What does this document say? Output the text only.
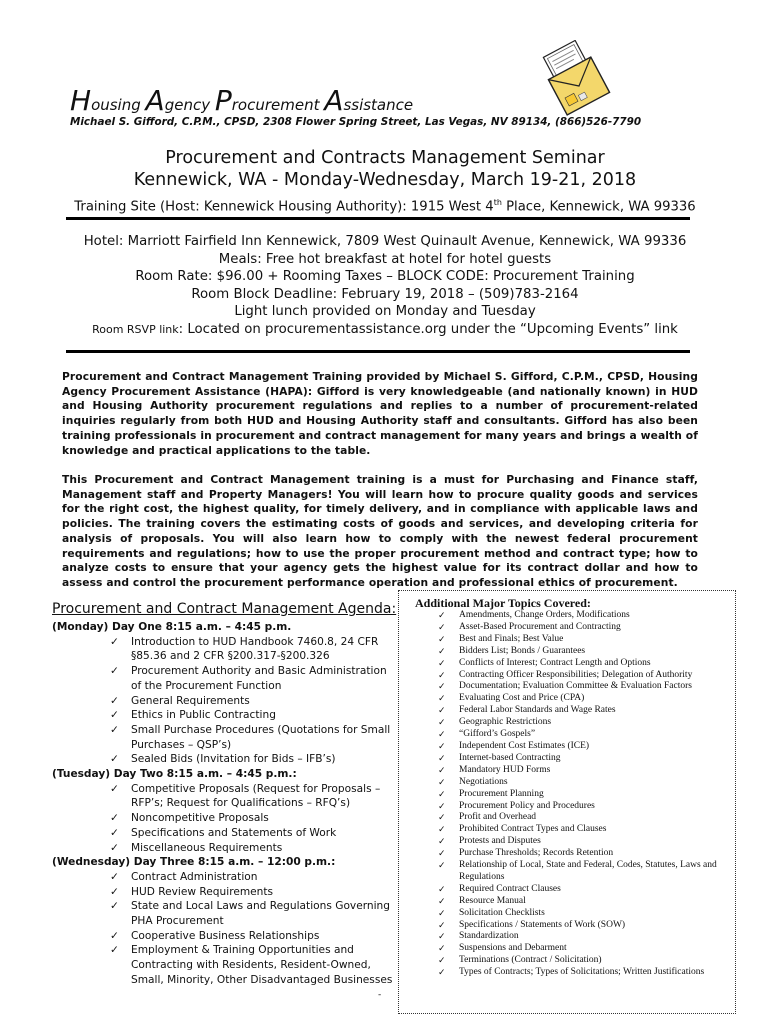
Housing Agency Procurement Assistance
Michael S. Gifford, C.P.M., CPSD, 2308 Flower Spring Street, Las Vegas, NV 89134, (866)526-7790
Procurement and Contracts Management Seminar
Kennewick, WA - Monday-Wednesday, March 19-21, 2018
Training Site (Host: Kennewick Housing Authority): 1915 West 4th Place, Kennewick, WA 99336
Hotel: Marriott Fairfield Inn Kennewick, 7809 West Quinault Avenue, Kennewick, WA 99336
Meals: Free hot breakfast at hotel for hotel guests
Room Rate: $96.00 + Rooming Taxes – BLOCK CODE: Procurement Training
Room Block Deadline: February 19, 2018 – (509)783-2164
Light lunch provided on Monday and Tuesday
Room RSVP link: Located on procurementassistance.org under the “Upcoming Events” link
Procurement and Contract Management Training provided by Michael S. Gifford, C.P.M., CPSD, Housing Agency Procurement Assistance (HAPA): Gifford is very knowledgeable (and nationally known) in HUD and Housing Authority procurement regulations and replies to a number of procurement-related inquiries regularly from both HUD and Housing Authority staff and consultants. Gifford has also been training professionals in procurement and contract management for many years and brings a wealth of knowledge and practical applications to the table.
This Procurement and Contract Management training is a must for Purchasing and Finance staff, Management staff and Property Managers! You will learn how to procure quality goods and services for the right cost, the highest quality, for timely delivery, and in compliance with applicable laws and policies. The training covers the estimating costs of goods and services, and developing criteria for analysis of proposals. You will also learn how to comply with the newest federal procurement requirements and regulations; how to use the proper procurement method and contract type; how to analyze costs to ensure that your agency gets the highest value for its contract dollar and how to assess and control the procurement performance operation and professional ethics of procurement.
Additional Major Topics Covered:
✓ Amendments, Change Orders, Modifications
✓ Asset-Based Procurement and Contracting
✓ Best and Finals; Best Value
✓ Bidders List; Bonds / Guarantees
✓ Conflicts of Interest; Contract Length and Options
✓ Contracting Officer Responsibilities; Delegation of Authority
✓ Documentation; Evaluation Committee & Evaluation Factors
✓ Evaluating Cost and Price (CPA)
✓ Federal Labor Standards and Wage Rates
✓ Geographic Restrictions
✓ “Gifford’s Gospels”
✓ Independent Cost Estimates (ICE)
✓ Internet-based Contracting
✓ Mandatory HUD Forms
✓ Negotiations
✓ Procurement Planning
✓ Procurement Policy and Procedures
✓ Profit and Overhead
✓ Prohibited Contract Types and Clauses
✓ Protests and Disputes
✓ Purchase Thresholds; Records Retention
✓ Relationship of Local, State and Federal, Codes, Statutes, Laws and Regulations
✓ Required Contract Clauses
✓ Resource Manual
✓ Solicitation Checklists
✓ Specifications / Statements of Work (SOW)
✓ Standardization
✓ Suspensions and Debarment
✓ Terminations (Contract / Solicitation)
✓ Types of Contracts; Types of Solicitations; Written Justifications
Procurement and Contract Management Agenda:
(Monday) Day One 8:15 a.m. – 4:45 p.m.
✓ Introduction to HUD Handbook 7460.8, 24 CFR §85.36 and 2 CFR §200.317-§200.326
✓ Procurement Authority and Basic Administration of the Procurement Function
✓ General Requirements
✓ Ethics in Public Contracting
✓ Small Purchase Procedures (Quotations for Small Purchases – QSP’s)
✓ Sealed Bids (Invitation for Bids – IFB’s)
(Tuesday) Day Two 8:15 a.m. – 4:45 p.m.:
✓ Competitive Proposals (Request for Proposals – RFP’s; Request for Qualifications – RFQ’s)
✓ Noncompetitive Proposals
✓ Specifications and Statements of Work
✓ Miscellaneous Requirements
(Wednesday) Day Three 8:15 a.m. – 12:00 p.m.:
✓ Contract Administration
✓ HUD Review Requirements
✓ State and Local Laws and Regulations Governing PHA Procurement
✓ Cooperative Business Relationships
✓ Employment & Training Opportunities and Contracting with Residents, Resident-Owned, Small, Minority, Other Disadvantaged Businesses
-
